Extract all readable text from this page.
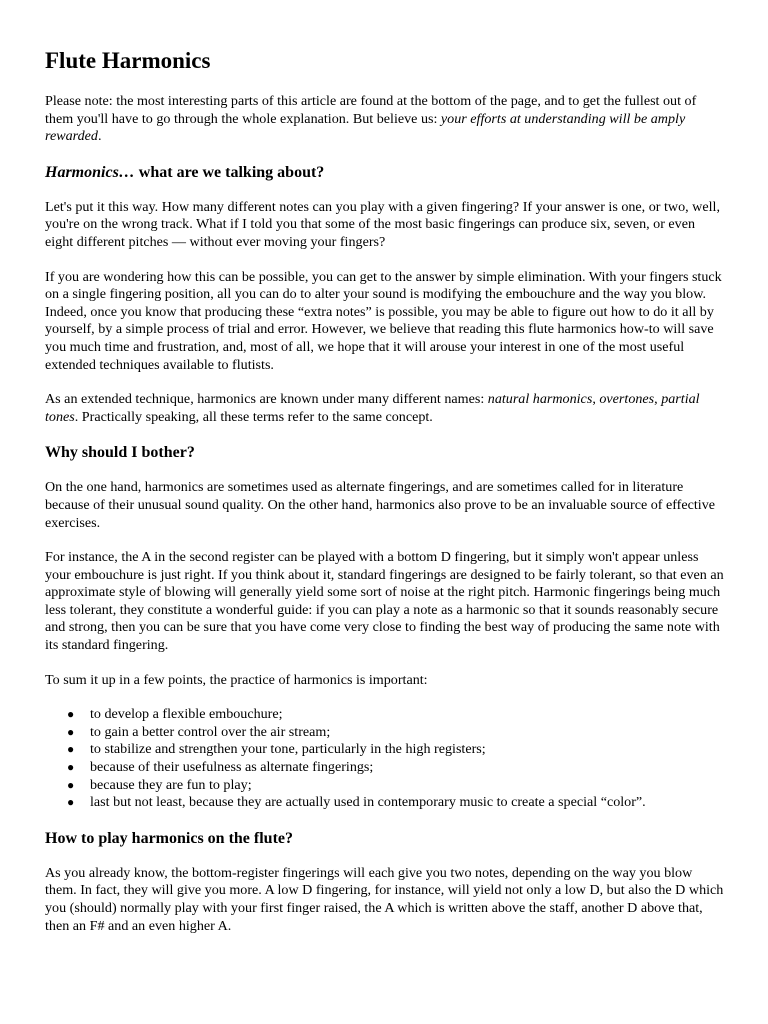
Flute Harmonics

Please note: the most interesting parts of this article are found at the bottom of the page, and to get the fullest out of them you'll have to go through the whole explanation. But believe us: your efforts at understanding will be amply rewarded.

Harmonics… what are we talking about?

Let's put it this way. How many different notes can you play with a given fingering? If your answer is one, or two, well, you're on the wrong track. What if I told you that some of the most basic fingerings can produce six, seven, or even eight different pitches — without ever moving your fingers?

If you are wondering how this can be possible, you can get to the answer by simple elimination. With your fingers stuck on a single fingering position, all you can do to alter your sound is modifying the embouchure and the way you blow. Indeed, once you know that producing these “extra notes” is possible, you may be able to figure out how to do it all by yourself, by a simple process of trial and error. However, we believe that reading this flute harmonics how-to will save you much time and frustration, and, most of all, we hope that it will arouse your interest in one of the most useful extended techniques available to flutists.

As an extended technique, harmonics are known under many different names: natural harmonics, overtones, partial tones. Practically speaking, all these terms refer to the same concept.

Why should I bother?

On the one hand, harmonics are sometimes used as alternate fingerings, and are sometimes called for in literature because of their unusual sound quality. On the other hand, harmonics also prove to be an invaluable source of effective exercises.

For instance, the A in the second register can be played with a bottom D fingering, but it simply won't appear unless your embouchure is just right. If you think about it, standard fingerings are designed to be fairly tolerant, so that even an approximate style of blowing will generally yield some sort of noise at the right pitch. Harmonic fingerings being much less tolerant, they constitute a wonderful guide: if you can play a note as a harmonic so that it sounds reasonably secure and strong, then you can be sure that you have come very close to finding the best way of producing the same note with its standard fingering.

To sum it up in a few points, the practice of harmonics is important:

● to develop a flexible embouchure;
● to gain a better control over the air stream;
● to stabilize and strengthen your tone, particularly in the high registers;
● because of their usefulness as alternate fingerings;
● because they are fun to play;
● last but not least, because they are actually used in contemporary music to create a special “color”.
How to play harmonics on the flute?

As you already know, the bottom-register fingerings will each give you two notes, depending on the way you blow them. In fact, they will give you more. A low D fingering, for instance, will yield not only a low D, but also the D which you (should) normally play with your first finger raised, the A which is written above the staff, another D above that, then an F# and an even higher A.
